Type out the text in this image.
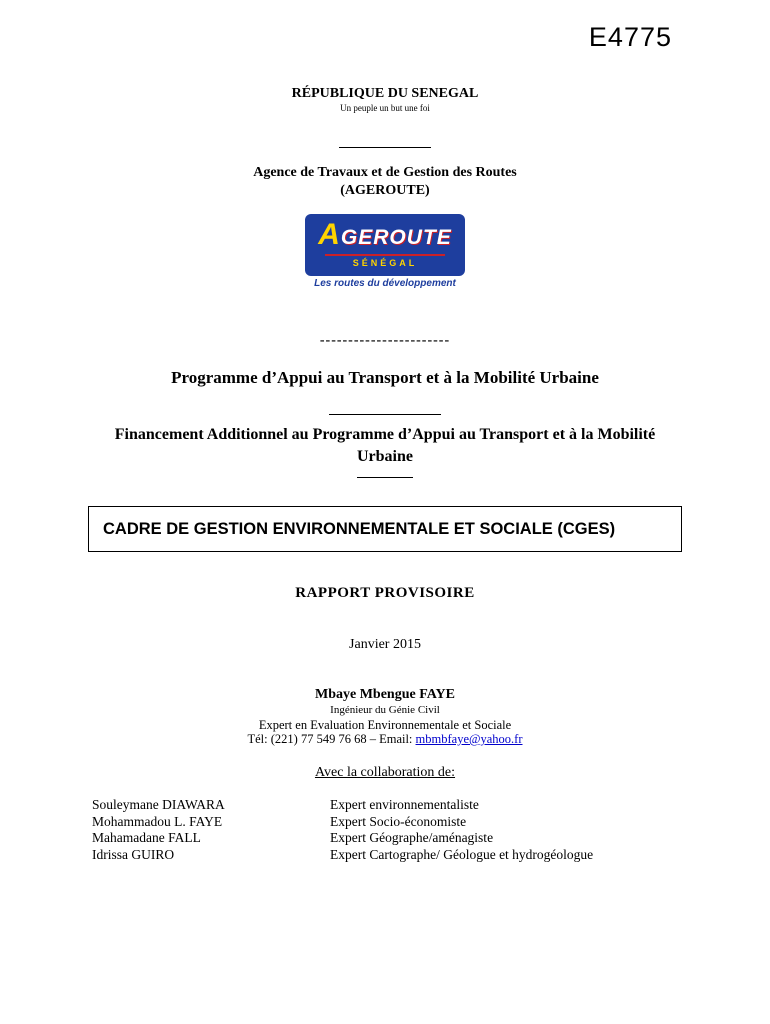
E4775
RÉPUBLIQUE DU SENEGAL
Un peuple un but une foi
Agence de Travaux et de Gestion des Routes
(AGEROUTE)
AGEROUTE
SÉNÉGAL
Les routes du développement
-----------------------
Programme d’Appui au Transport et à la Mobilité Urbaine
Financement Additionnel au Programme d’Appui au Transport et à la Mobilité Urbaine
CADRE DE GESTION ENVIRONNEMENTALE ET SOCIALE (CGES)
RAPPORT PROVISOIRE
Janvier 2015
Mbaye Mbengue FAYE
Ingénieur du Génie Civil
Expert en Evaluation Environnementale et Sociale
Tél: (221) 77 549 76 68 – Email: mbmbfaye@yahoo.fr
Avec la collaboration de:
Souleymane DIAWARA	Expert environnementaliste
Mohammadou L. FAYE	Expert Socio-économiste
Mahamadane FALL	Expert Géographe/aménagiste
Idrissa GUIRO	Expert Cartographe/ Géologue et hydrogéologue
